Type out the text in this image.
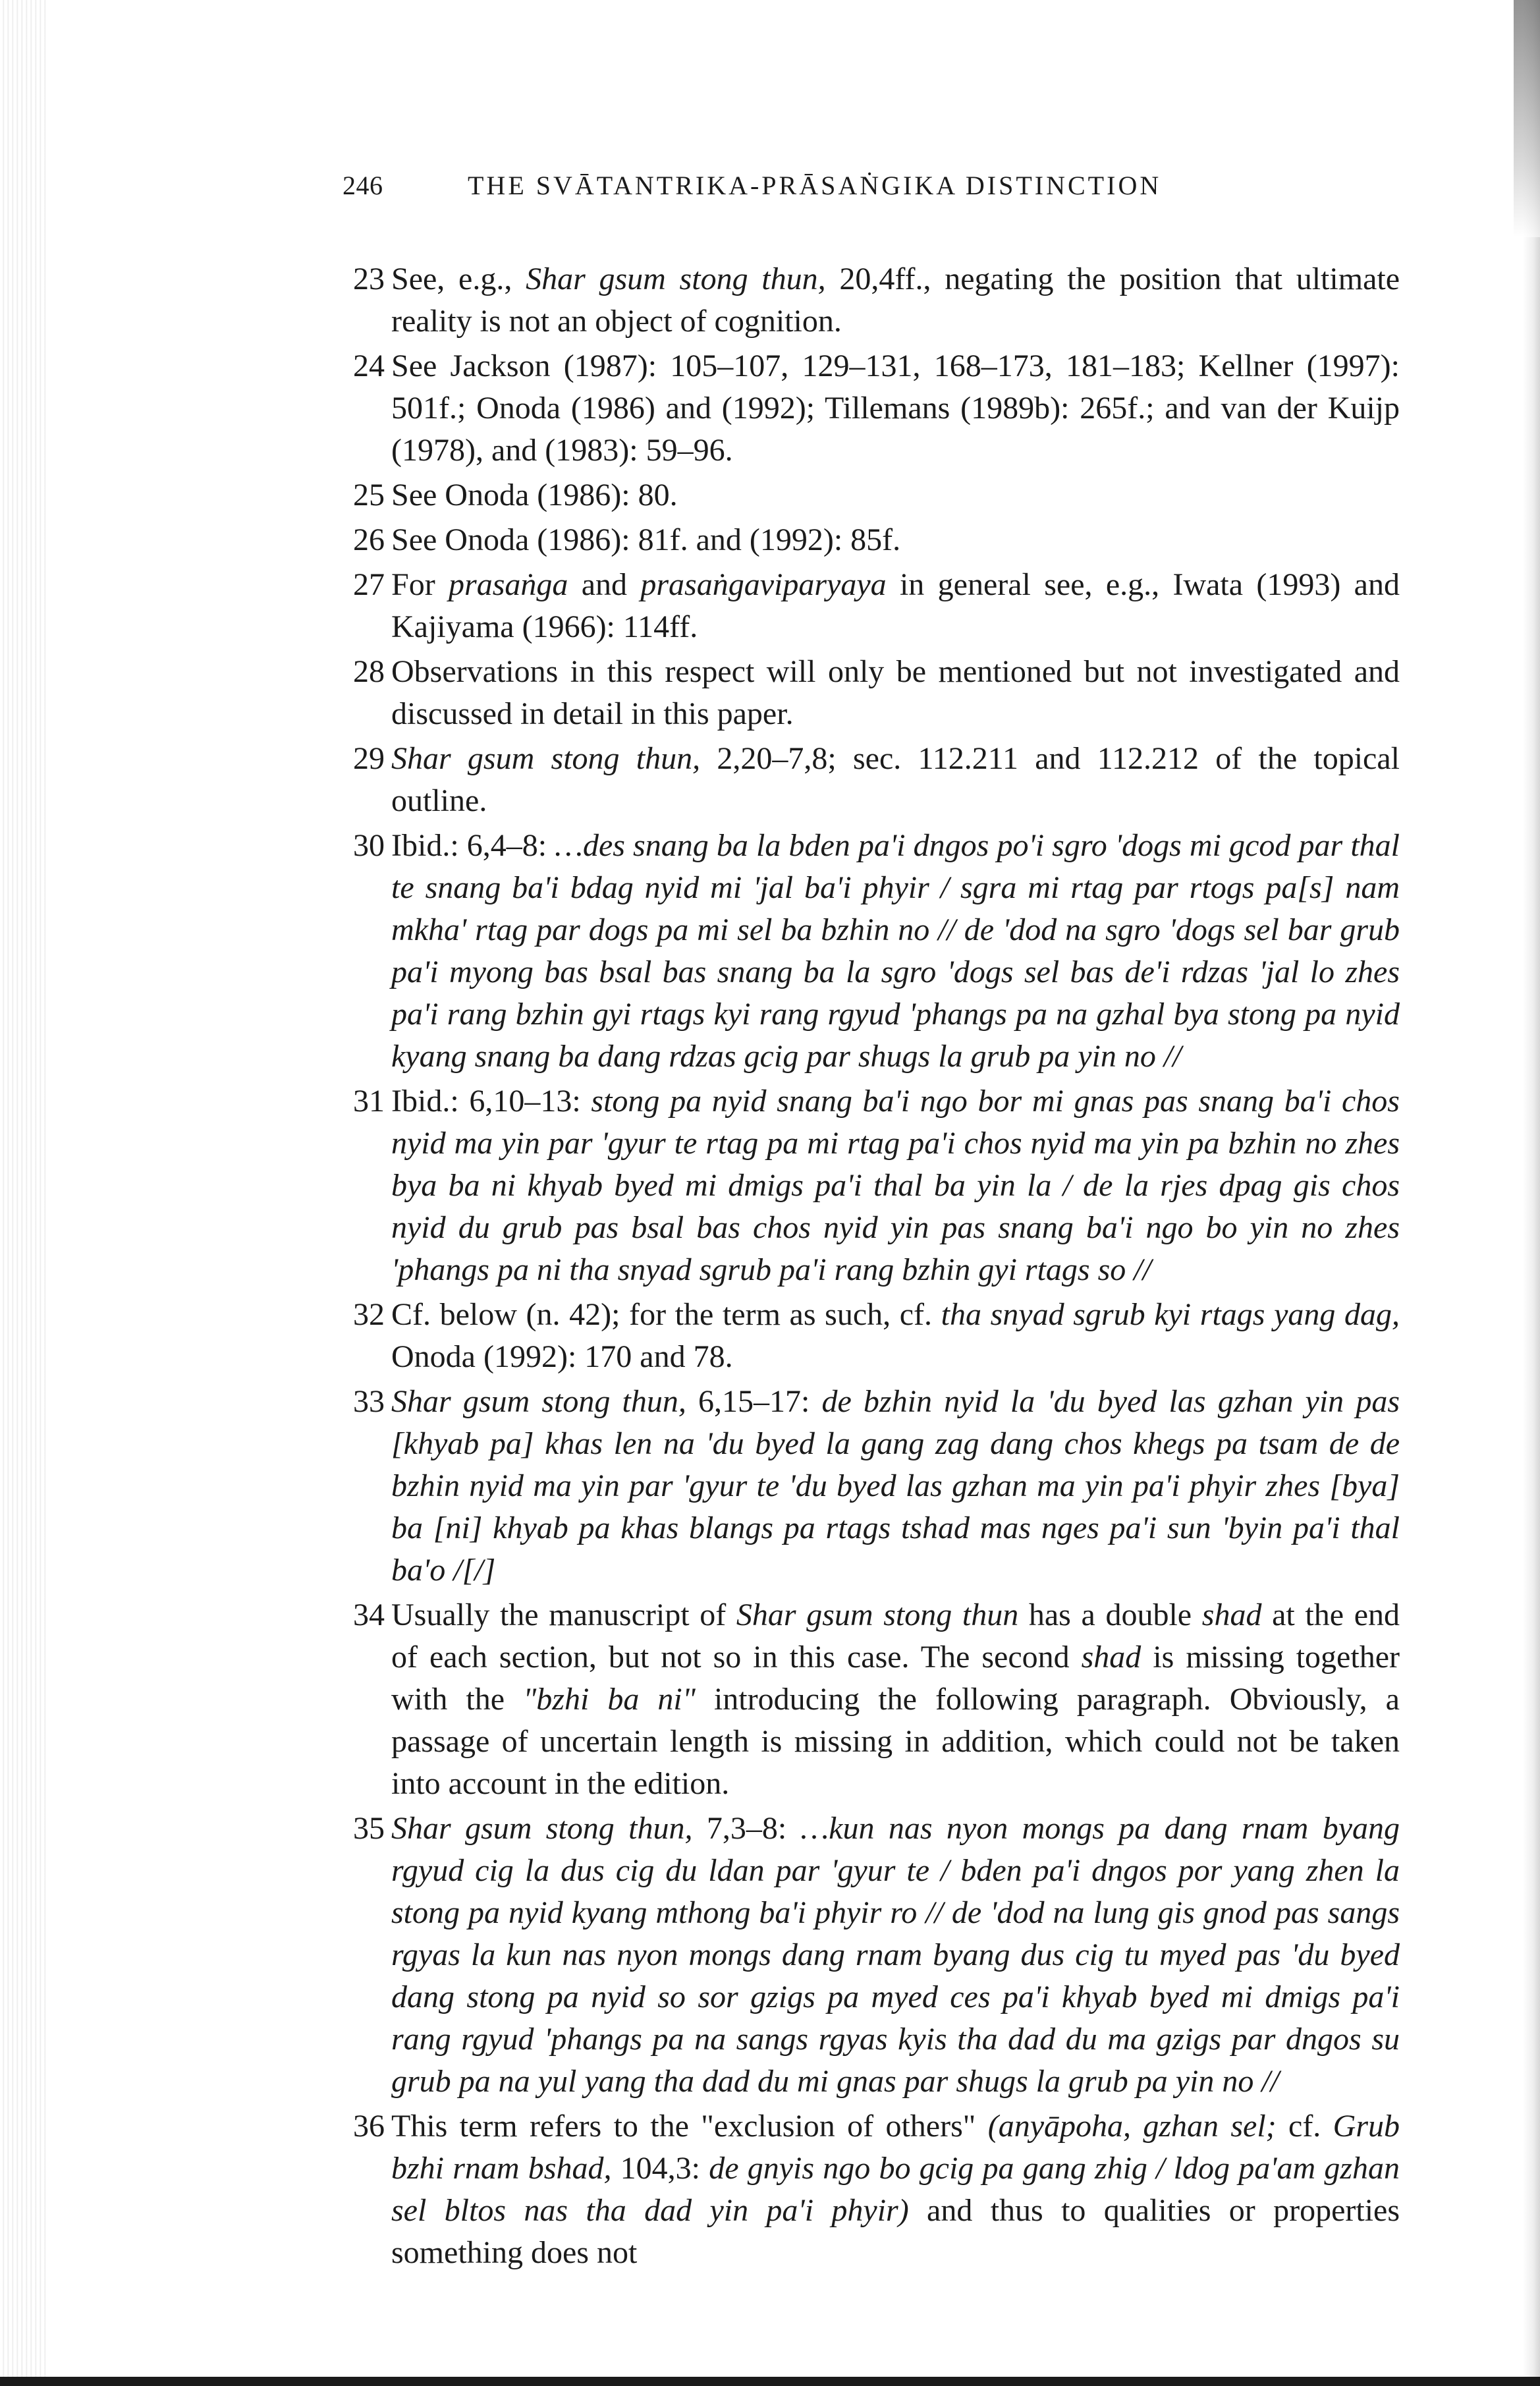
246	THE SVĀTANTRIKA-PRĀSAṄGIKA DISTINCTION
23 See, e.g., Shar gsum stong thun, 20,4ff., negating the position that ultimate reality is not an object of cognition.
24 See Jackson (1987): 105–107, 129–131, 168–173, 181–183; Kellner (1997): 501f.; Onoda (1986) and (1992); Tillemans (1989b): 265f.; and van der Kuijp (1978), and (1983): 59–96.
25 See Onoda (1986): 80.
26 See Onoda (1986): 81f. and (1992): 85f.
27 For prasaṅga and prasaṅgaviparyaya in general see, e.g., Iwata (1993) and Kajiyama (1966): 114ff.
28 Observations in this respect will only be mentioned but not investigated and discussed in detail in this paper.
29 Shar gsum stong thun, 2,20–7,8; sec. 112.211 and 112.212 of the topical outline.
30 Ibid.: 6,4–8: …des snang ba la bden pa'i dngos po'i sgro 'dogs mi gcod par thal te snang ba'i bdag nyid mi 'jal ba'i phyir / sgra mi rtag par rtogs pa[s] nam mkha' rtag par dogs pa mi sel ba bzhin no // de 'dod na sgro 'dogs sel bar grub pa'i myong bas bsal bas snang ba la sgro 'dogs sel bas de'i rdzas 'jal lo zhes pa'i rang bzhin gyi rtags kyi rang rgyud 'phangs pa na gzhal bya stong pa nyid kyang snang ba dang rdzas gcig par shugs la grub pa yin no //
31 Ibid.: 6,10–13: stong pa nyid snang ba'i ngo bor mi gnas pas snang ba'i chos nyid ma yin par 'gyur te rtag pa mi rtag pa'i chos nyid ma yin pa bzhin no zhes bya ba ni khyab byed mi dmigs pa'i thal ba yin la / de la rjes dpag gis chos nyid du grub pas bsal bas chos nyid yin pas snang ba'i ngo bo yin no zhes 'phangs pa ni tha snyad sgrub pa'i rang bzhin gyi rtags so //
32 Cf. below (n. 42); for the term as such, cf. tha snyad sgrub kyi rtags yang dag, Onoda (1992): 170 and 78.
33 Shar gsum stong thun, 6,15–17: de bzhin nyid la 'du byed las gzhan yin pas [khyab pa] khas len na 'du byed la gang zag dang chos khegs pa tsam de de bzhin nyid ma yin par 'gyur te 'du byed las gzhan ma yin pa'i phyir zhes [bya] ba [ni] khyab pa khas blangs pa rtags tshad mas nges pa'i sun 'byin pa'i thal ba'o /[/]
34 Usually the manuscript of Shar gsum stong thun has a double shad at the end of each section, but not so in this case. The second shad is missing together with the "bzhi ba ni" introducing the following paragraph. Obviously, a passage of uncertain length is missing in addition, which could not be taken into account in the edition.
35 Shar gsum stong thun, 7,3–8: …kun nas nyon mongs pa dang rnam byang rgyud cig la dus cig du ldan par 'gyur te / bden pa'i dngos por yang zhen la stong pa nyid kyang mthong ba'i phyir ro // de 'dod na lung gis gnod pas sangs rgyas la kun nas nyon mongs dang rnam byang dus cig tu myed pas 'du byed dang stong pa nyid so sor gzigs pa myed ces pa'i khyab byed mi dmigs pa'i rang rgyud 'phangs pa na sangs rgyas kyis tha dad du ma gzigs par dngos su grub pa na yul yang tha dad du mi gnas par shugs la grub pa yin no //
36 This term refers to the "exclusion of others" (anyāpoha, gzhan sel; cf. Grub bzhi rnam bshad, 104,3: de gnyis ngo bo gcig pa gang zhig / ldog pa'am gzhan sel bltos nas tha dad yin pa'i phyir) and thus to qualities or properties something does not
